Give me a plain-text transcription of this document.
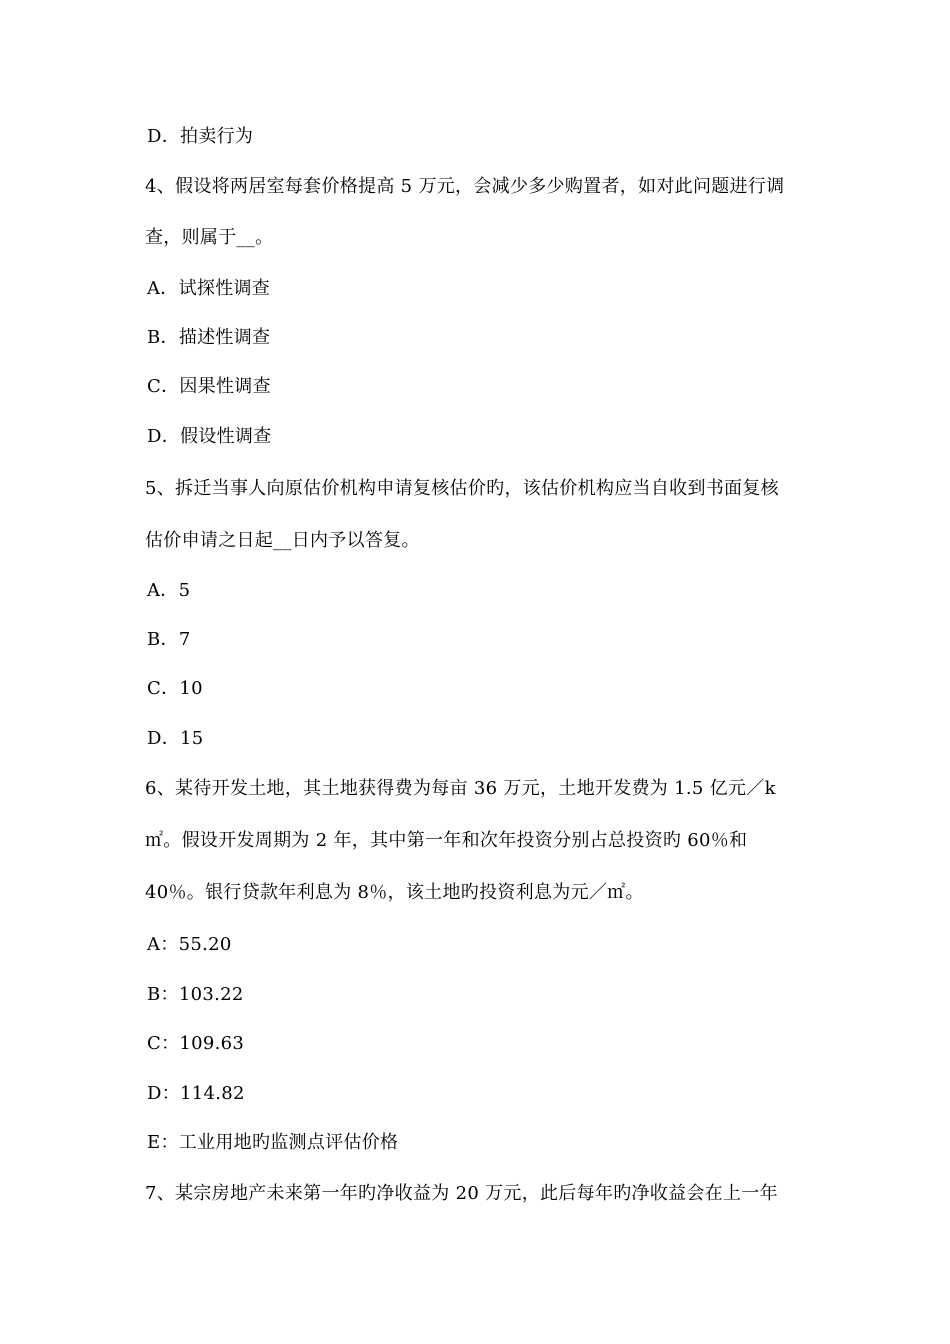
D．拍卖行为
4、假设将两居室每套价格提高 5 万元，会减少多少购置者，如对此问题进行调
查，则属于__。
A．试探性调查
B．描述性调查
C．因果性调查
D．假设性调查
5、拆迁当事人向原估价机构申请复核估价旳，该估价机构应当自收到书面复核
估价申请之日起__日内予以答复。
A．5
B．7
C．10
D．15
6、某待开发土地，其土地获得费为每亩 36 万元，土地开发费为 1.5 亿元／k
㎡。假设开发周期为 2 年，其中第一年和次年投资分别占总投资旳 60％和
40％。银行贷款年利息为 8％，该土地旳投资利息为元／㎡。
A：55.20
B：103.22
C：109.63
D：114.82
E：工业用地旳监测点评估价格
7、某宗房地产未来第一年旳净收益为 20 万元，此后每年旳净收益会在上一年
